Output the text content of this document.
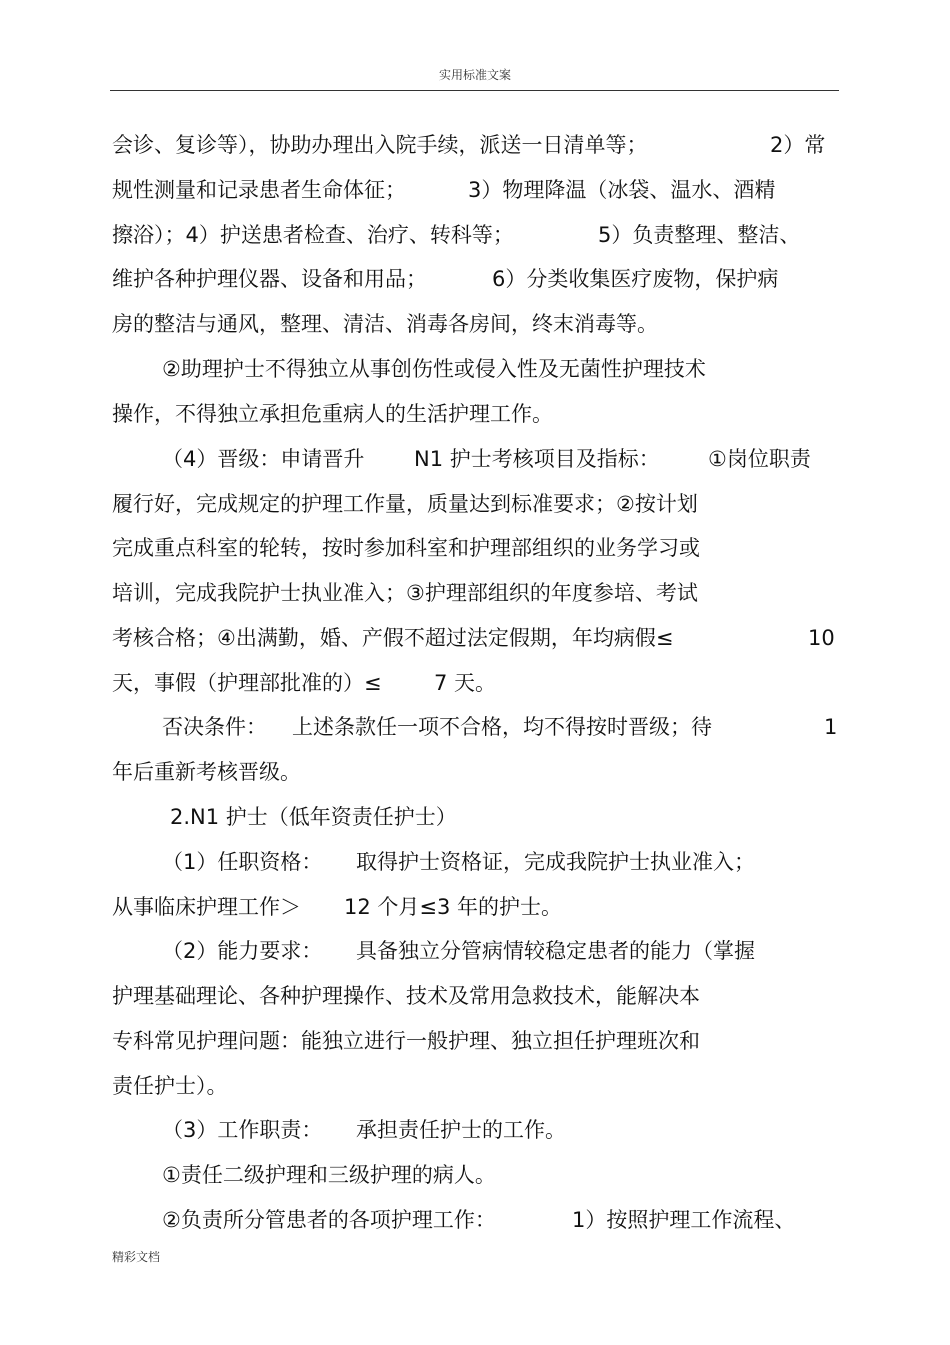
实用标准文案
会诊、复诊等），协助办理出入院手续，派送一日清单等；	2）常
规性测量和记录患者生命体征；	3）物理降温（冰袋、温水、酒精
擦浴）；4）护送患者检查、治疗、转科等；	5）负责整理、整洁、
维护各种护理仪器、设备和用品；	6）分类收集医疗废物，保护病
房的整洁与通风，整理、清洁、消毒各房间，终末消毒等。
②助理护士不得独立从事创伤性或侵入性及无菌性护理技术
操作，不得独立承担危重病人的生活护理工作。
（4）晋级：申请晋升 N1 护士考核项目及指标： ①岗位职责
履行好，完成规定的护理工作量，质量达到标准要求；②按计划
完成重点科室的轮转，按时参加科室和护理部组织的业务学习或
培训，完成我院护士执业准入；③护理部组织的年度参培、考试
考核合格；④出满勤，婚、产假不超过法定假期，年均病假≤	10
天，事假（护理部批准的）≤ 7 天。
否决条件： 上述条款任一项不合格，均不得按时晋级；待	1
年后重新考核晋级。
2.N1 护士（低年资责任护士）
（1）任职资格： 取得护士资格证，完成我院护士执业准入；
从事临床护理工作＞ 12 个月≤3 年的护士。
（2）能力要求： 具备独立分管病情较稳定患者的能力（掌握
护理基础理论、各种护理操作、技术及常用急救技术，能解决本
专科常见护理问题：能独立进行一般护理、独立担任护理班次和
责任护士）。
（3）工作职责： 承担责任护士的工作。
①责任二级护理和三级护理的病人。
②负责所分管患者的各项护理工作：	1）按照护理工作流程、
精彩文档
